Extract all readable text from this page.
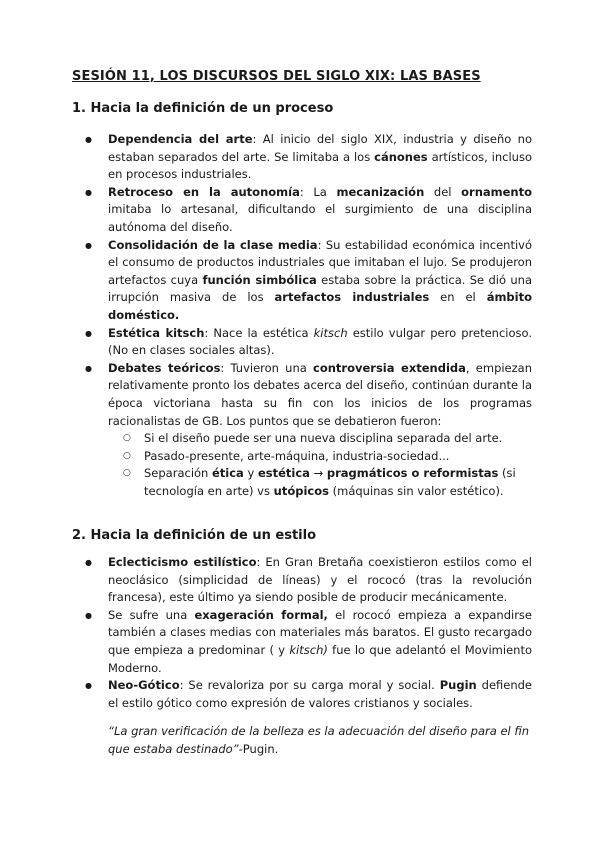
SESIÓN 11, LOS DISCURSOS DEL SIGLO XIX: LAS BASES
1. Hacia la definición de un proceso
● Dependencia del arte: Al inicio del siglo XIX, industria y diseño no estaban separados del arte. Se limitaba a los cánones artísticos, incluso en procesos industriales.
● Retroceso en la autonomía: La mecanización del ornamento imitaba lo artesanal, dificultando el surgimiento de una disciplina autónoma del diseño.
● Consolidación de la clase media: Su estabilidad económica incentivó el consumo de productos industriales que imitaban el lujo. Se produjeron artefactos cuya función simbólica estaba sobre la práctica. Se dió una irrupción masiva de los artefactos industriales en el ámbito doméstico.
● Estética kitsch: Nace la estética kitsch estilo vulgar pero pretencioso. (No en clases sociales altas).
● Debates teóricos: Tuvieron una controversia extendida, empiezan relativamente pronto los debates acerca del diseño, continúan durante la época victoriana hasta su fin con los inicios de los programas racionalistas de GB. Los puntos que se debatieron fueron:
○ Si el diseño puede ser una nueva disciplina separada del arte.
○ Pasado-presente, arte-máquina, industria-sociedad...
○ Separación ética y estética → pragmáticos o reformistas (si tecnología en arte) vs utópicos (máquinas sin valor estético).
2. Hacia la definición de un estilo
● Eclecticismo estilístico: En Gran Bretaña coexistieron estilos como el neoclásico (simplicidad de líneas) y el rococó (tras la revolución francesa), este último ya siendo posible de producir mecánicamente.
● Se sufre una exageración formal, el rococó empieza a expandirse también a clases medias con materiales más baratos. El gusto recargado que empieza a predominar ( y kitsch) fue lo que adelantó el Movimiento Moderno.
● Neo-Gótico: Se revaloriza por su carga moral y social. Pugin defiende el estilo gótico como expresión de valores cristianos y sociales.

“La gran verificación de la belleza es la adecuación del diseño para el fin que estaba destinado”-Pugin.
